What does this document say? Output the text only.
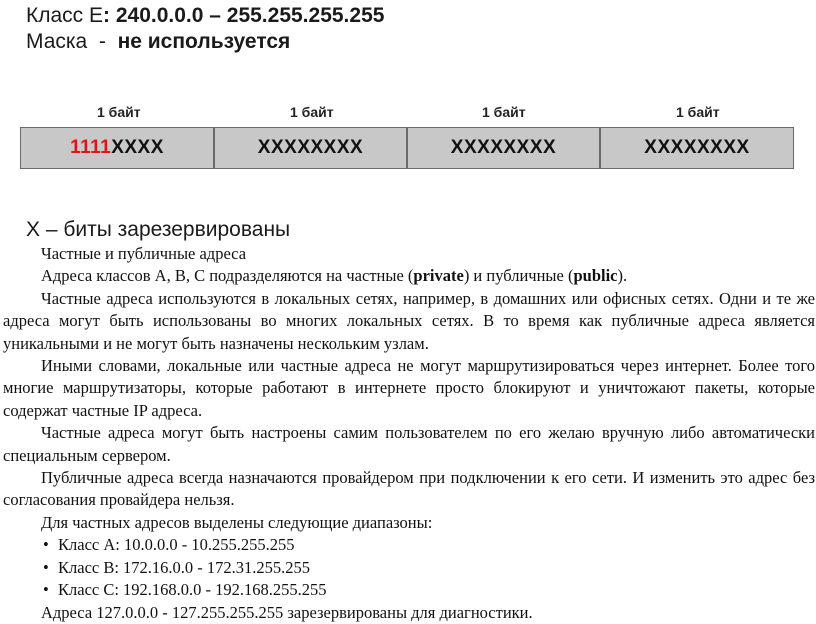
Класс E: 240.0.0.0 – 255.255.255.255
Маска  -  не используется
1 байт	1 байт	1 байт	1 байт
1111 XXXX	XXXXXXXX	XXXXXXXX	XXXXXXXX
X – биты зарезервированы

Частные и публичные адреса

Адреса классов A, B, C подразделяются на частные (private) и публичные (public).

Частные адреса используются в локальных сетях, например, в домашних или офисных сетях. Одни и те же адреса могут быть использованы во многих локальных сетях. В то время как публичные адреса является уникальными и не могут быть назначены нескольким узлам.

Иными словами, локальные или частные адреса не могут маршрутизироваться через интернет. Более того многие маршрутизаторы, которые работают в интернете просто блокируют и уничтожают пакеты, которые содержат частные IP адреса.

Частные адреса могут быть настроены самим пользователем по его желаю вручную либо автоматически специальным сервером.

Публичные адреса всегда назначаются провайдером при подключении к его сети. И изменить это адрес без согласования провайдера нельзя.

Для частных адресов выделены следующие диапазоны:

• Класс А: 10.0.0.0 - 10.255.255.255

• Класс B: 172.16.0.0 - 172.31.255.255

• Класс С: 192.168.0.0 - 192.168.255.255

Адреса 127.0.0.0 - 127.255.255.255 зарезервированы для диагностики.
